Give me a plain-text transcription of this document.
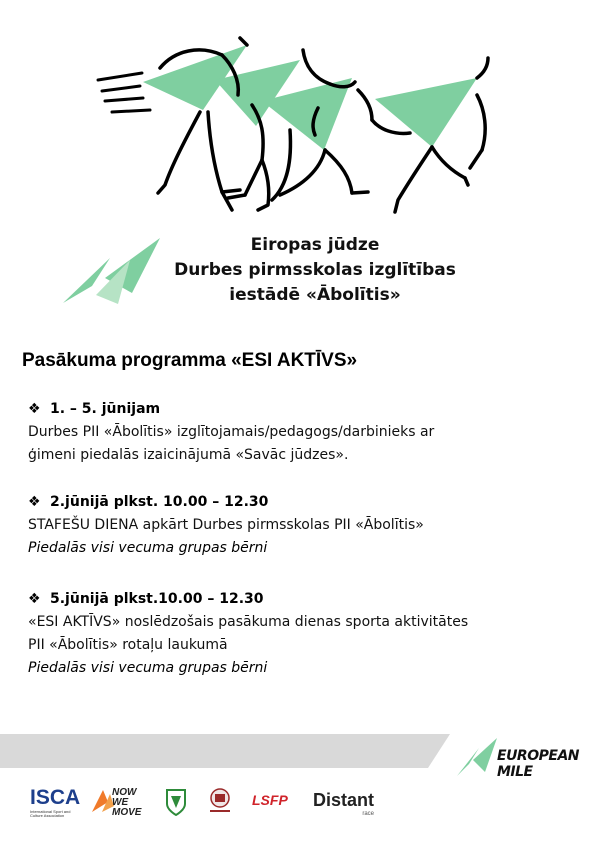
Eiropas jūdze
Durbes pirmsskolas izglītības
iestādē «Ābolītis»
Pasākuma programma «ESI AKTĪVS»
❖ 1. – 5. jūnijam
Durbes PII «Ābolītis» izglītojamais/pedagogs/darbinieks ar
ģimeni piedalās izaicinājumā «Savāc jūdzes».
❖ 2.jūnijā plkst. 10.00 – 12.30
STAFEŠU DIENA apkārt Durbes pirmsskolas PII «Ābolītis»
Piedalās visi vecuma grupas bērni
❖ 5.jūnijā plkst.10.00 – 12.30
«ESI AKTĪVS» noslēdzošais pasākuma dienas sporta aktivitātes
PII «Ābolītis» rotaļu laukumā
Piedalās visi vecuma grupas bērni
EUROPEAN MILE
ISCA
International Sport and Culture Association
NOW
WE MOVE
LSFP Distant
race
